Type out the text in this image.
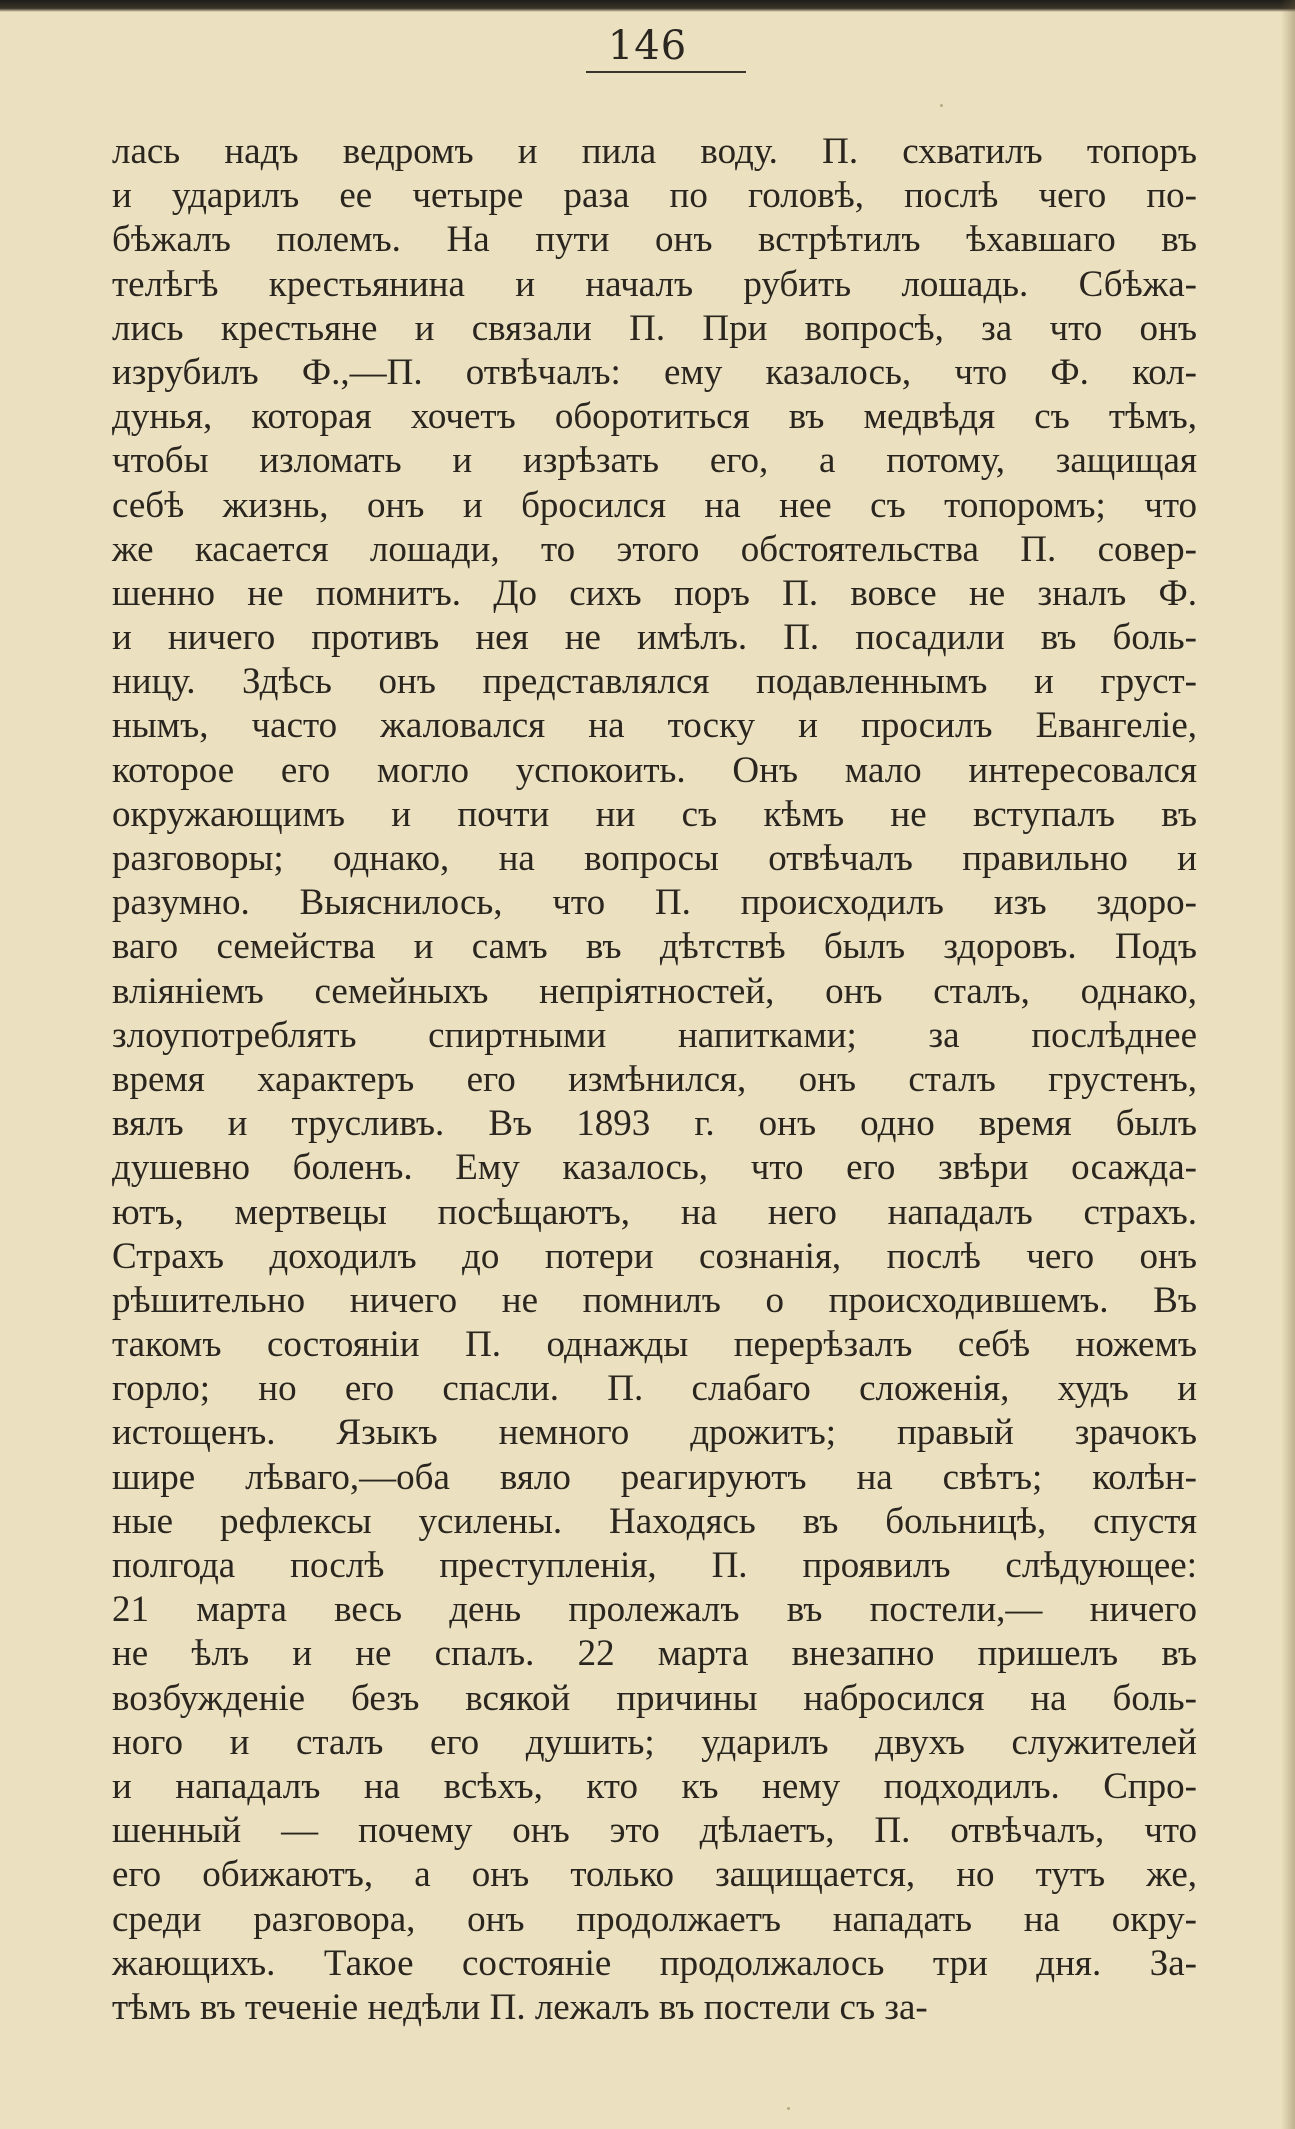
146
лась надъ ведромъ и пила воду. П. схватилъ топоръ
и ударилъ ее четыре раза по головѣ, послѣ чего по-
бѣжалъ полемъ. На пути онъ встрѣтилъ ѣхавшаго въ
телѣгѣ крестьянина и началъ рубить лошадь. Сбѣжа-
лись крестьяне и связали П. При вопросѣ, за что онъ
изрубилъ Ф.,—П. отвѣчалъ: ему казалось, что Ф. кол-
дунья, которая хочетъ оборотиться въ медвѣдя съ тѣмъ,
чтобы изломать и изрѣзать его, а потому, защищая
себѣ жизнь, онъ и бросился на нее съ топоромъ; что
же касается лошади, то этого обстоятельства П. совер-
шенно не помнитъ. До сихъ поръ П. вовсе не зналъ Ф.
и ничего противъ нея не имѣлъ. П. посадили въ боль-
ницу. Здѣсь онъ представлялся подавленнымъ и груст-
нымъ, часто жаловался на тоску и просилъ Евангеліе,
которое его могло успокоить. Онъ мало интересовался
окружающимъ и почти ни съ кѣмъ не вступалъ въ
разговоры; однако, на вопросы отвѣчалъ правильно и
разумно. Выяснилось, что П. происходилъ изъ здоро-
ваго семейства и самъ въ дѣтствѣ былъ здоровъ. Подъ
вліяніемъ семейныхъ непріятностей, онъ сталъ, однако,
злоупотреблять спиртными напитками; за послѣднее
время характеръ его измѣнился, онъ сталъ грустенъ,
вялъ и трусливъ. Въ 1893 г. онъ одно время былъ
душевно боленъ. Ему казалось, что его звѣри осажда-
ютъ, мертвецы посѣщаютъ, на него нападалъ страхъ.
Страхъ доходилъ до потери сознанія, послѣ чего онъ
рѣшительно ничего не помнилъ о происходившемъ. Въ
такомъ состояніи П. однажды перерѣзалъ себѣ ножемъ
горло; но его спасли. П. слабаго сложенія, худъ и
истощенъ. Языкъ немного дрожитъ; правый зрачокъ
шире лѣваго,—оба вяло реагируютъ на свѣтъ; колѣн-
ные рефлексы усилены. Находясь въ больницѣ, спустя
полгода послѣ преступленія, П. проявилъ слѣдующее:
21 марта весь день пролежалъ въ постели,— ничего
не ѣлъ и не спалъ. 22 марта внезапно пришелъ въ
возбужденіе безъ всякой причины набросился на боль-
ного и сталъ его душить; ударилъ двухъ служителей
и нападалъ на всѣхъ, кто къ нему подходилъ. Спро-
шенный — почему онъ это дѣлаетъ, П. отвѣчалъ, что
его обижаютъ, а онъ только защищается, но тутъ же,
среди разговора, онъ продолжаетъ нападать на окру-
жающихъ. Такое состояніе продолжалось три дня. За-
тѣмъ въ теченіе недѣли П. лежалъ въ постели съ за-
